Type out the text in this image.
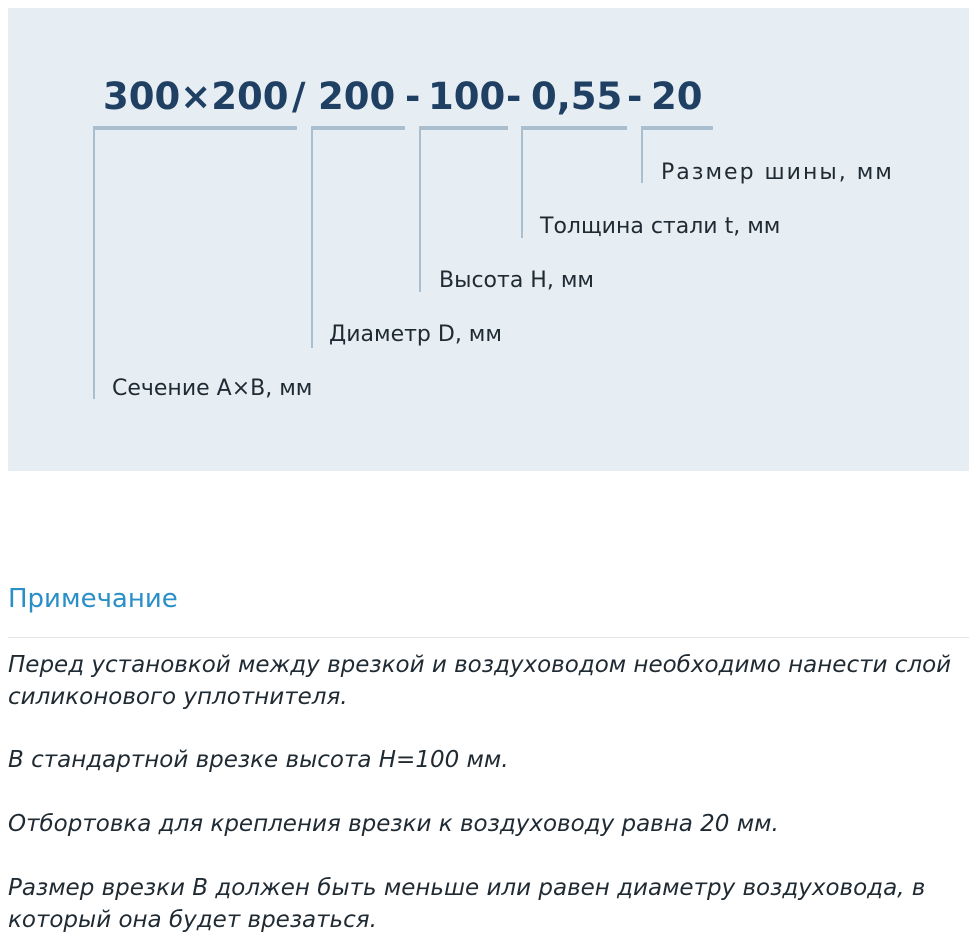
300×200 / 200 - 100 - 0,55 - 20
Размер шины, мм
Толщина стали t, мм
Высота H, мм
Диаметр D, мм
Сечение A×B, мм
Примечание

Перед установкой между врезкой и воздуховодом необходимо нанести слой силиконового уплотнителя.

В стандартной врезке высота H=100 мм.

Отбортовка для крепления врезки к воздуховоду равна 20 мм.

Размер врезки B должен быть меньше или равен диаметру воздуховода, в который она будет врезаться.
